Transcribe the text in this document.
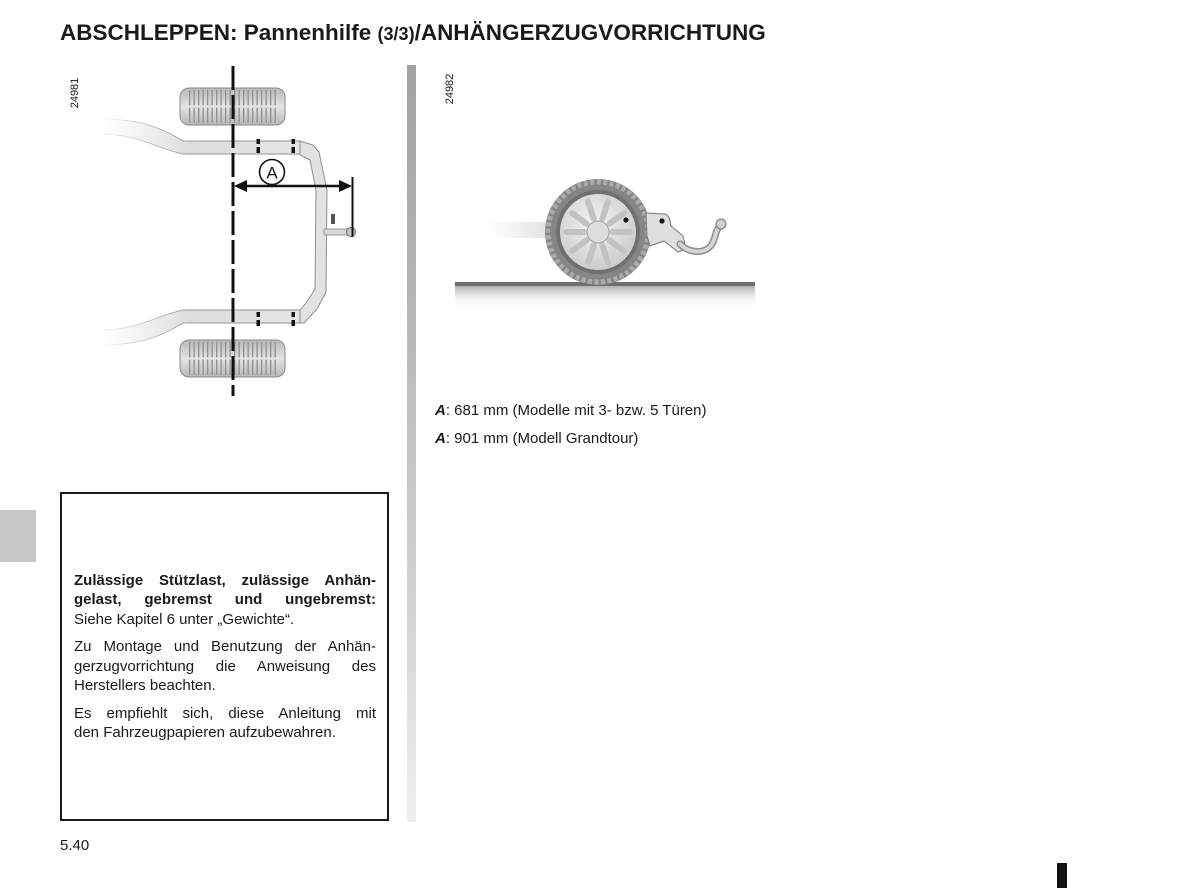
ABSCHLEPPEN: Pannenhilfe (3/3)/ANHÄNGERZUGVORRICHTUNG
24981
A
24982
A: 681 mm (Modelle mit 3- bzw. 5 Türen)
A: 901 mm (Modell Grandtour)
Zulässige Stützlast, zulässige Anhän-
gelast, gebremst und ungebremst:
Siehe Kapitel 6 unter „Gewichte“.
Zu Montage und Benutzung der Anhän-
gerzugvorrichtung die Anweisung des
Herstellers beachten.
Es empfiehlt sich, diese Anleitung mit
den Fahrzeugpapieren aufzubewahren.
5.40
